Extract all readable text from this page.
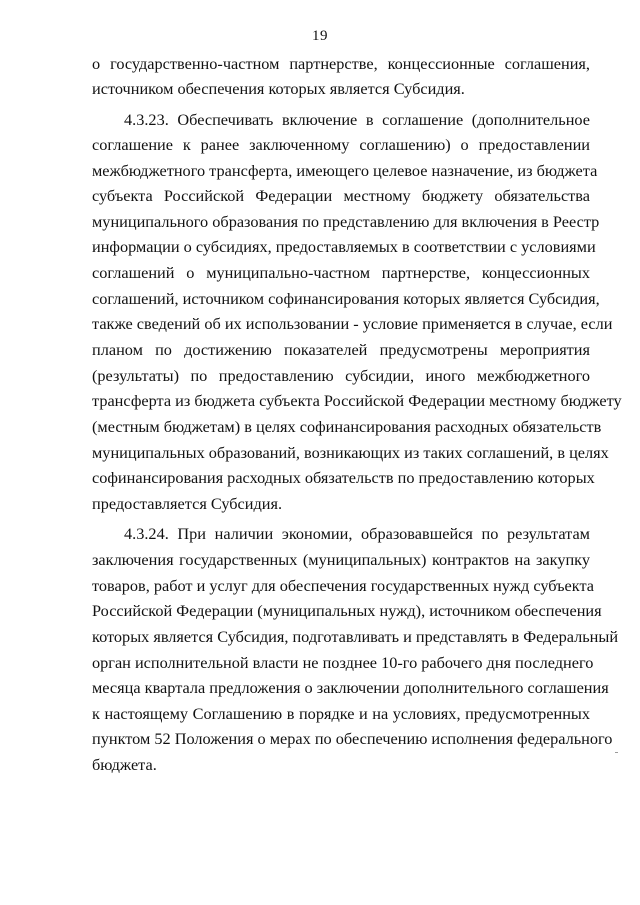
19
о государственно-частном партнерстве, концессионные соглашения,
источником обеспечения которых является Субсидия.
4.3.23. Обеспечивать включение в соглашение (дополнительное
соглашение к ранее заключенному соглашению) о предоставлении
межбюджетного трансферта, имеющего целевое назначение, из бюджета
субъекта Российской Федерации местному бюджету обязательства
муниципального образования по представлению для включения в Реестр
информации о субсидиях, предоставляемых в соответствии с условиями
соглашений о муниципально-частном партнерстве, концессионных
соглашений, источником софинансирования которых является Субсидия,
также сведений об их использовании - условие применяется в случае, если
планом по достижению показателей предусмотрены мероприятия
(результаты) по предоставлению субсидии, иного межбюджетного
трансферта из бюджета субъекта Российской Федерации местному бюджету
(местным бюджетам) в целях софинансирования расходных обязательств
муниципальных образований, возникающих из таких соглашений, в целях
софинансирования расходных обязательств по предоставлению которых
предоставляется Субсидия.
4.3.24. При наличии экономии, образовавшейся по результатам
заключения государственных (муниципальных) контрактов на закупку
товаров, работ и услуг для обеспечения государственных нужд субъекта
Российской Федерации (муниципальных нужд), источником обеспечения
которых является Субсидия, подготавливать и представлять в Федеральный
орган исполнительной власти не позднее 10-го рабочего дня последнего
месяца квартала предложения о заключении дополнительного соглашения
к настоящему Соглашению в порядке и на условиях, предусмотренных
пунктом 52 Положения о мерах по обеспечению исполнения федерального
бюджета.
